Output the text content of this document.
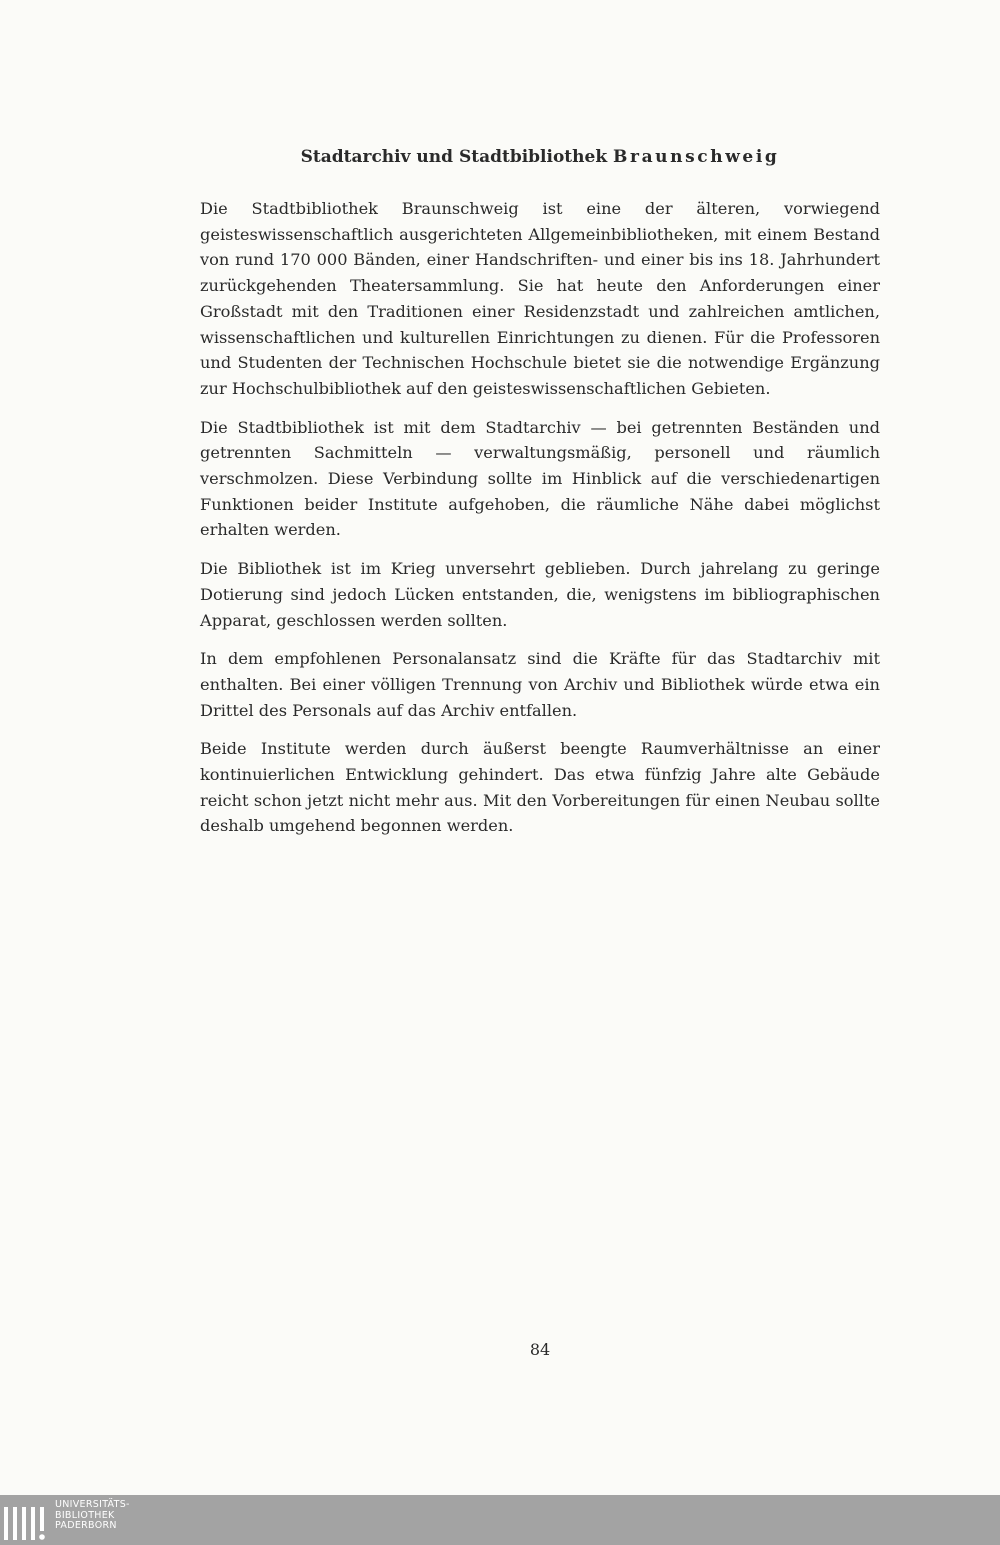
Stadtarchiv und Stadtbibliothek Braunschweig

Die Stadtbibliothek Braunschweig ist eine der älteren, vorwiegend geisteswissenschaftlich ausgerichteten Allgemeinbibliotheken, mit einem Bestand von rund 170 000 Bänden, einer Handschriften- und einer bis ins 18. Jahrhundert zurückgehenden Theatersammlung. Sie hat heute den Anforderungen einer Großstadt mit den Traditionen einer Residenzstadt und zahlreichen amtlichen, wissenschaftlichen und kulturellen Einrichtungen zu dienen. Für die Professoren und Studenten der Technischen Hochschule bietet sie die notwendige Ergänzung zur Hochschulbibliothek auf den geisteswissenschaftlichen Gebieten.

Die Stadtbibliothek ist mit dem Stadtarchiv — bei getrennten Beständen und getrennten Sachmitteln — verwaltungsmäßig, personell und räumlich verschmolzen. Diese Verbindung sollte im Hinblick auf die verschiedenartigen Funktionen beider Institute aufgehoben, die räumliche Nähe dabei möglichst erhalten werden.

Die Bibliothek ist im Krieg unversehrt geblieben. Durch jahrelang zu geringe Dotierung sind jedoch Lücken entstanden, die, wenigstens im bibliographischen Apparat, geschlossen werden sollten.

In dem empfohlenen Personalansatz sind die Kräfte für das Stadtarchiv mit enthalten. Bei einer völligen Trennung von Archiv und Bibliothek würde etwa ein Drittel des Personals auf das Archiv entfallen.

Beide Institute werden durch äußerst beengte Raumverhältnisse an einer kontinuierlichen Entwicklung gehindert. Das etwa fünfzig Jahre alte Gebäude reicht schon jetzt nicht mehr aus. Mit den Vorbereitungen für einen Neubau sollte deshalb umgehend begonnen werden.

84
UNIVERSITÄTS-
BIBLIOTHEK
PADERBORN
